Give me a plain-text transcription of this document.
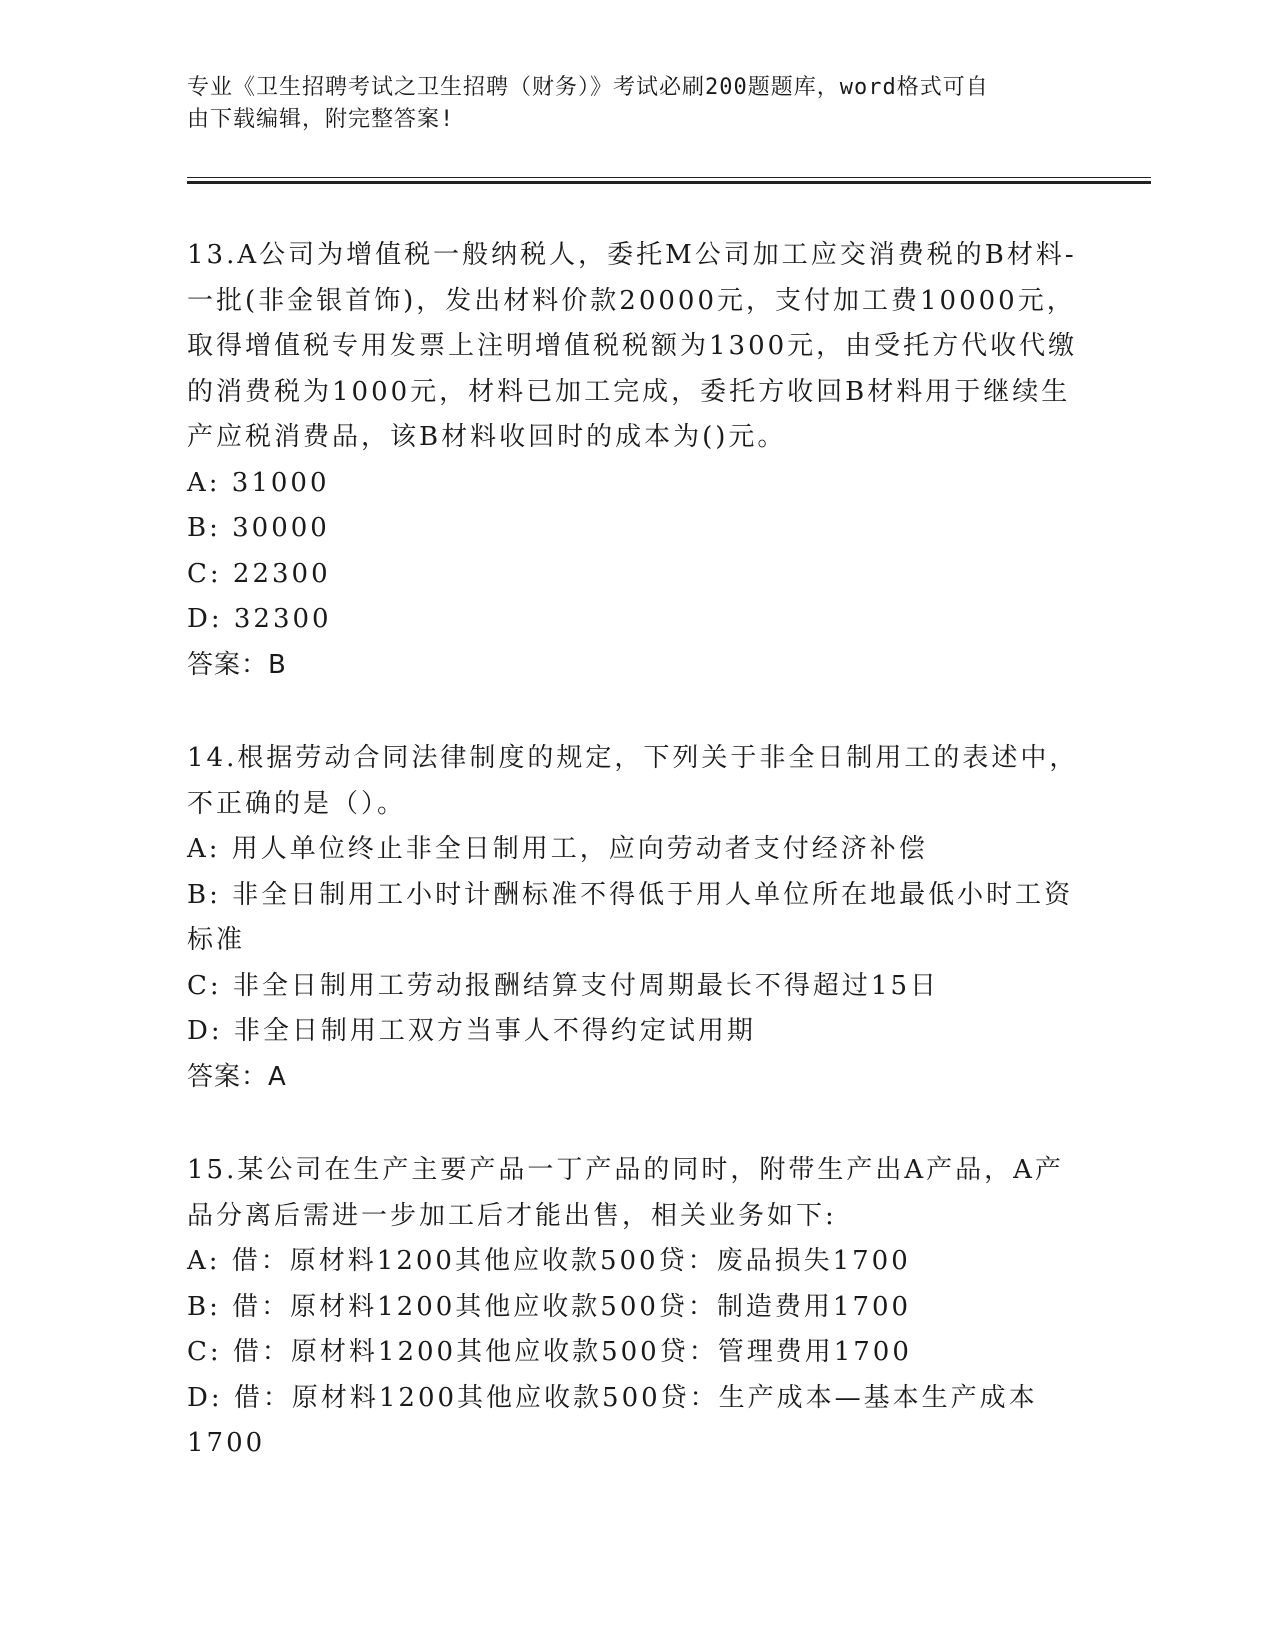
专业《卫生招聘考试之卫生招聘（财务）》考试必刷200题题库，word格式可自
由下载编辑，附完整答案!

13.A公司为增值税一般纳税人，委托M公司加工应交消费税的B材料-一批(非金银首饰)，发出材料价款20000元，支付加工费10000元，取得增值税专用发票上注明增值税税额为1300元，由受托方代收代缴的消费税为1000元，材料已加工完成，委托方收回B材料用于继续生产应税消费品，该B材料收回时的成本为()元。

A: 31000

B: 30000

C: 22300

D: 32300

答案：B

14.根据劳动合同法律制度的规定，下列关于非全日制用工的表述中，不正确的是（）。

A: 用人单位终止非全日制用工，应向劳动者支付经济补偿

B: 非全日制用工小时计酬标准不得低于用人单位所在地最低小时工资标准

C: 非全日制用工劳动报酬结算支付周期最长不得超过15日

D: 非全日制用工双方当事人不得约定试用期

答案：A

15.某公司在生产主要产品一丁产品的同时，附带生产出A产品，A产品分离后需进一步加工后才能出售，相关业务如下:

A: 借：原材料1200其他应收款500贷：废品损失1700

B: 借：原材料1200其他应收款500贷：制造费用1700

C: 借：原材料1200其他应收款500贷：管理费用1700

D: 借：原材料1200其他应收款500贷：生产成本—基本生产成本1700
